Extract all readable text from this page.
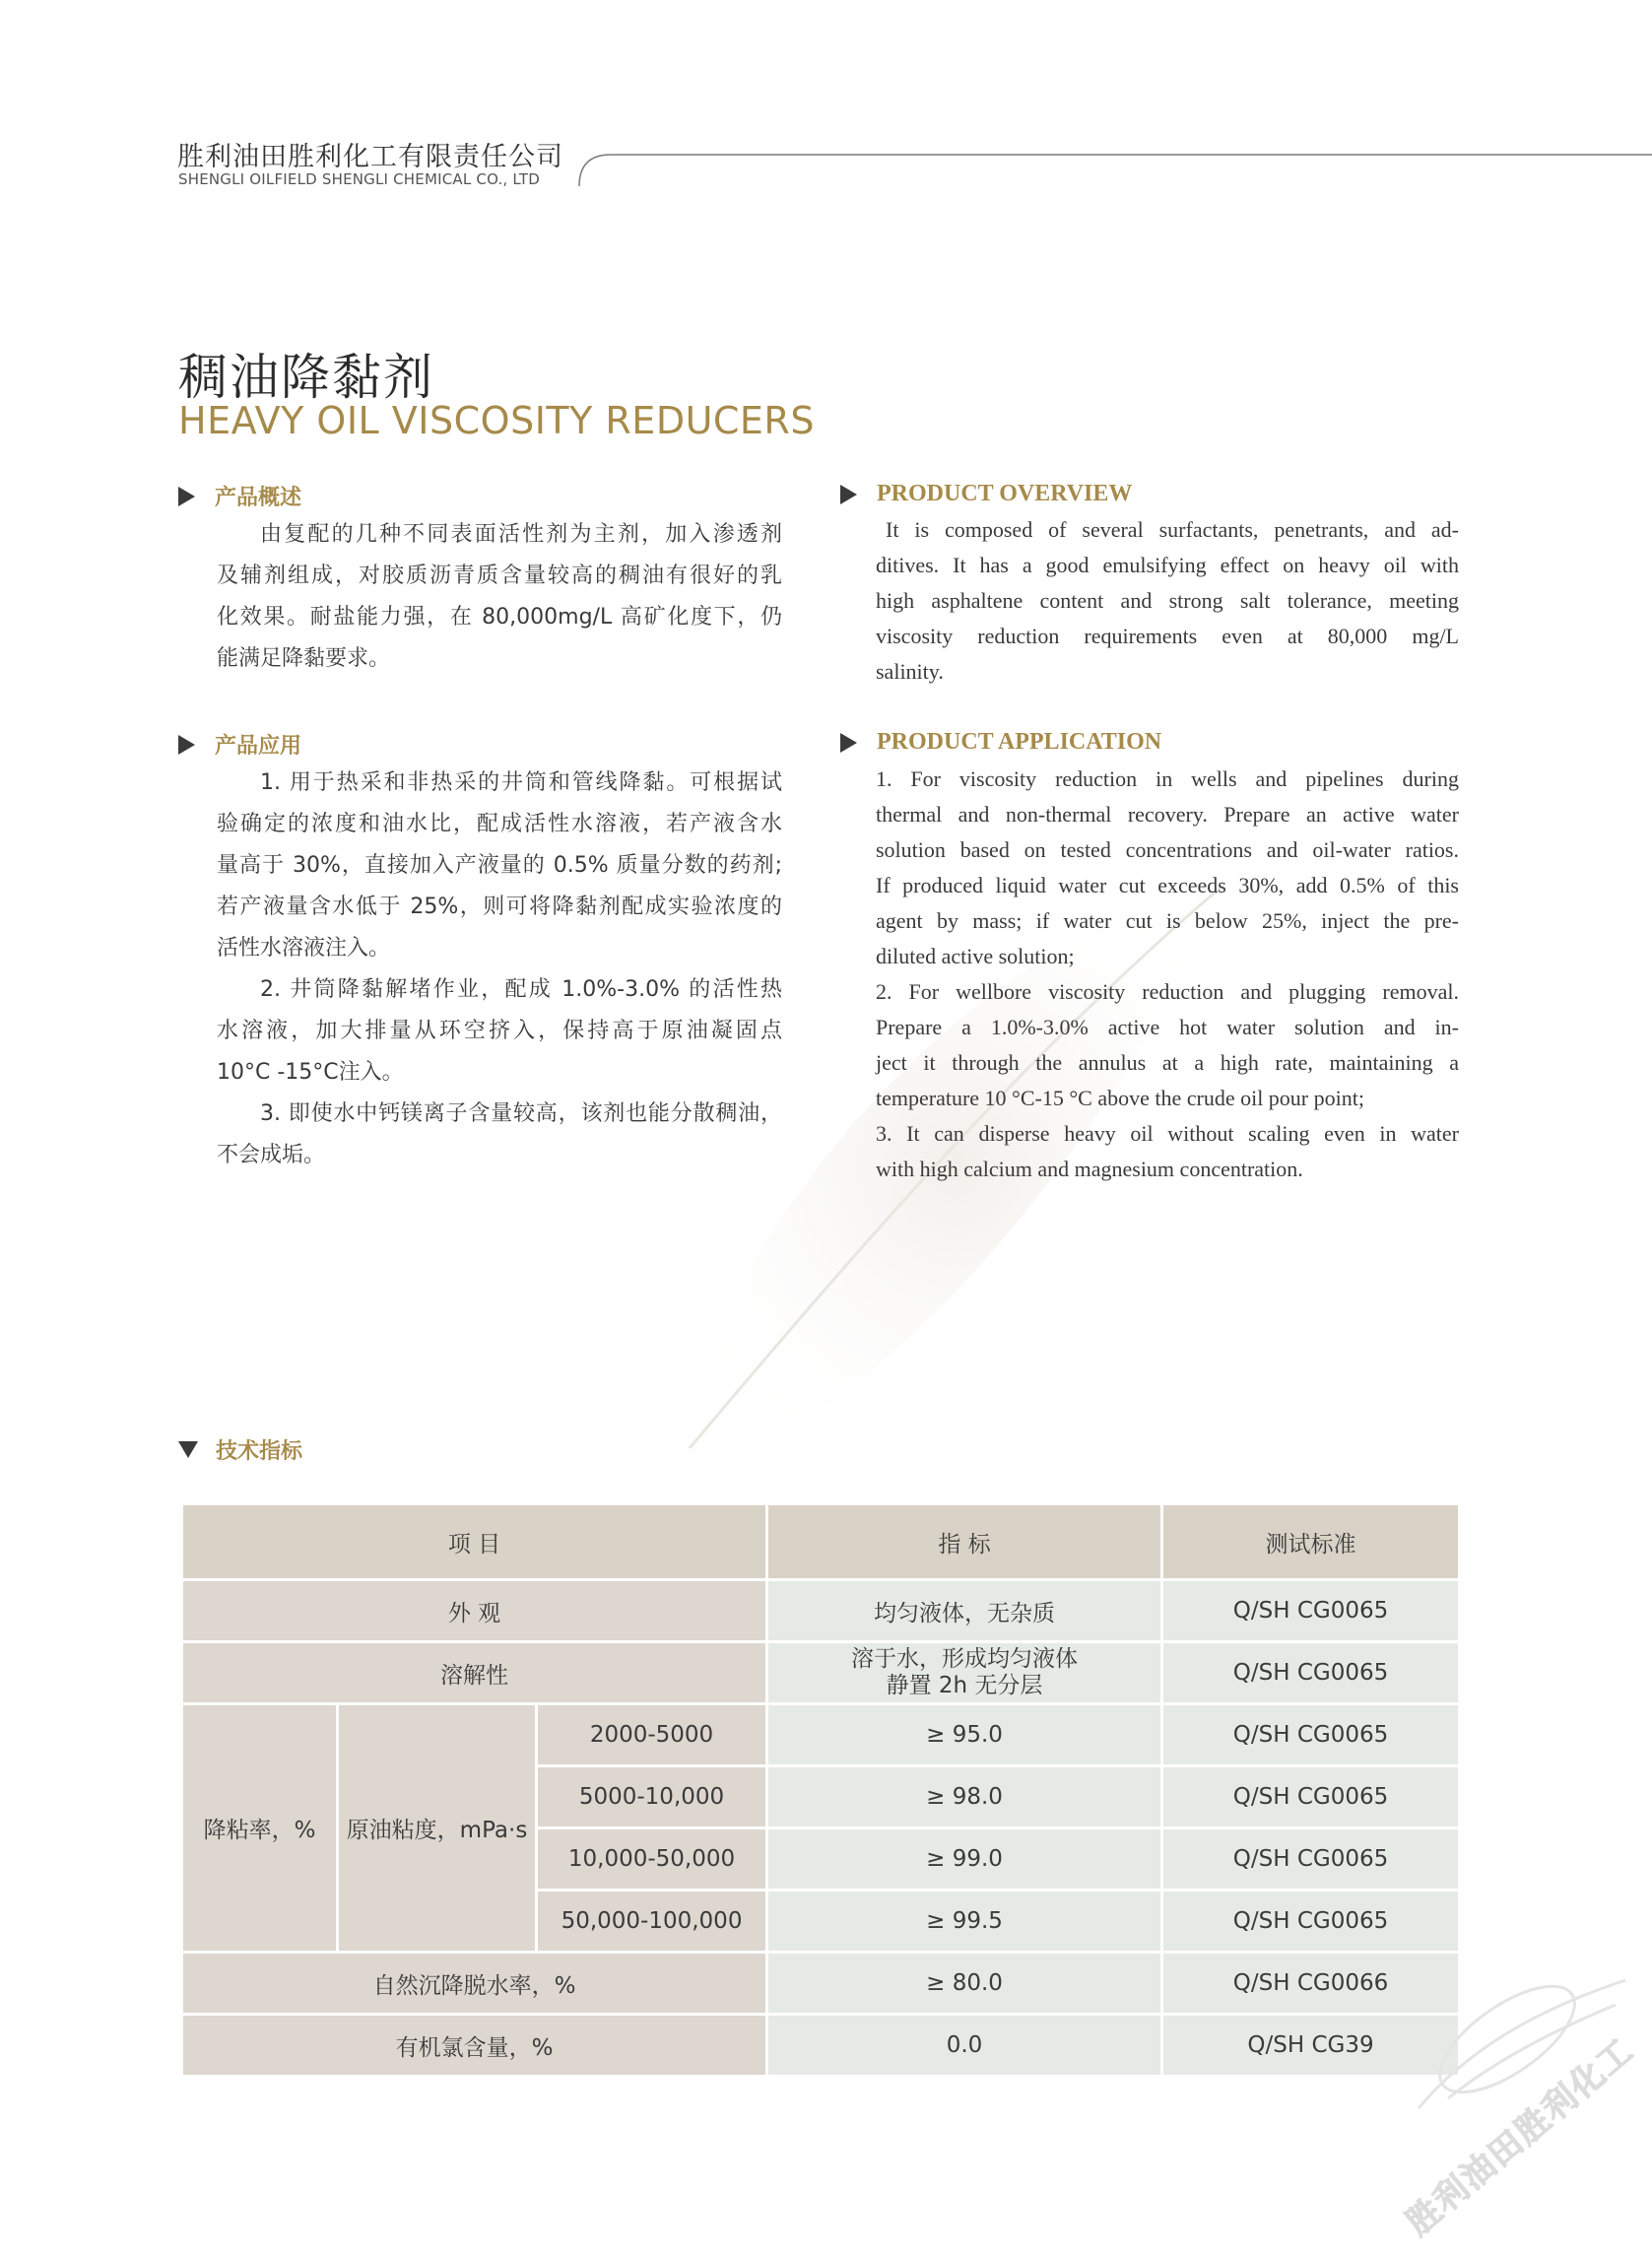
胜利油田胜利化工有限责任公司
SHENGLI OILFIELD SHENGLI CHEMICAL CO., LTD
稠油降黏剂
HEAVY OIL VISCOSITY REDUCERS
产品概述

由复配的几种不同表面活性剂为主剂，加入渗透剂

及辅剂组成，对胶质沥青质含量较高的稠油有很好的乳

化效果。耐盐能力强，在 80,000mg/L 高矿化度下，仍

能满足降黏要求。

PRODUCT OVERVIEW

It is composed of several surfactants, penetrants, and ad-

ditives. It has a good emulsifying effect on heavy oil with

high asphaltene content and strong salt tolerance, meeting

viscosity reduction requirements even at 80,000 mg/L

salinity.

产品应用

1. 用于热采和非热采的井筒和管线降黏。可根据试

验确定的浓度和油水比，配成活性水溶液，若产液含水

量高于 30%，直接加入产液量的 0.5% 质量分数的药剂;

若产液量含水低于 25%，则可将降黏剂配成实验浓度的

活性水溶液注入。

2. 井筒降黏解堵作业，配成 1.0%-3.0% 的活性热

水溶液，加大排量从环空挤入，保持高于原油凝固点

10°C -15°C注入。

3. 即使水中钙镁离子含量较高，该剂也能分散稠油，

不会成垢。

PRODUCT APPLICATION

1. For viscosity reduction in wells and pipelines during

thermal and non-thermal recovery. Prepare an active water

solution based on tested concentrations and oil-water ratios.

If produced liquid water cut exceeds 30%, add 0.5% of this

agent by mass; if water cut is below 25%, inject the pre-

diluted active solution;

2. For wellbore viscosity reduction and plugging removal.

Prepare a 1.0%-3.0% active hot water solution and in-

ject it through the annulus at a high rate, maintaining a

temperature 10 °C-15 °C above the crude oil pour point;

3. It can disperse heavy oil without scaling even in water

with high calcium and magnesium concentration.

技术指标
项 目			指 标	测试标准
外 观			均匀液体，无杂质	Q/SH CG0065
溶解性			溶于水，形成均匀液体
静置 2h 无分层	Q/SH CG0065
降粘率，%	原油粘度，mPa·s	2000-5000	≥ 95.0	Q/SH CG0065
		5000-10,000	≥ 98.0	Q/SH CG0065
		10,000-50,000	≥ 99.0	Q/SH CG0065
		50,000-100,000	≥ 99.5	Q/SH CG0065
自然沉降脱水率，%			≥ 80.0	Q/SH CG0066
有机氯含量，%			0.0	Q/SH CG39 胜利油田胜利化工
